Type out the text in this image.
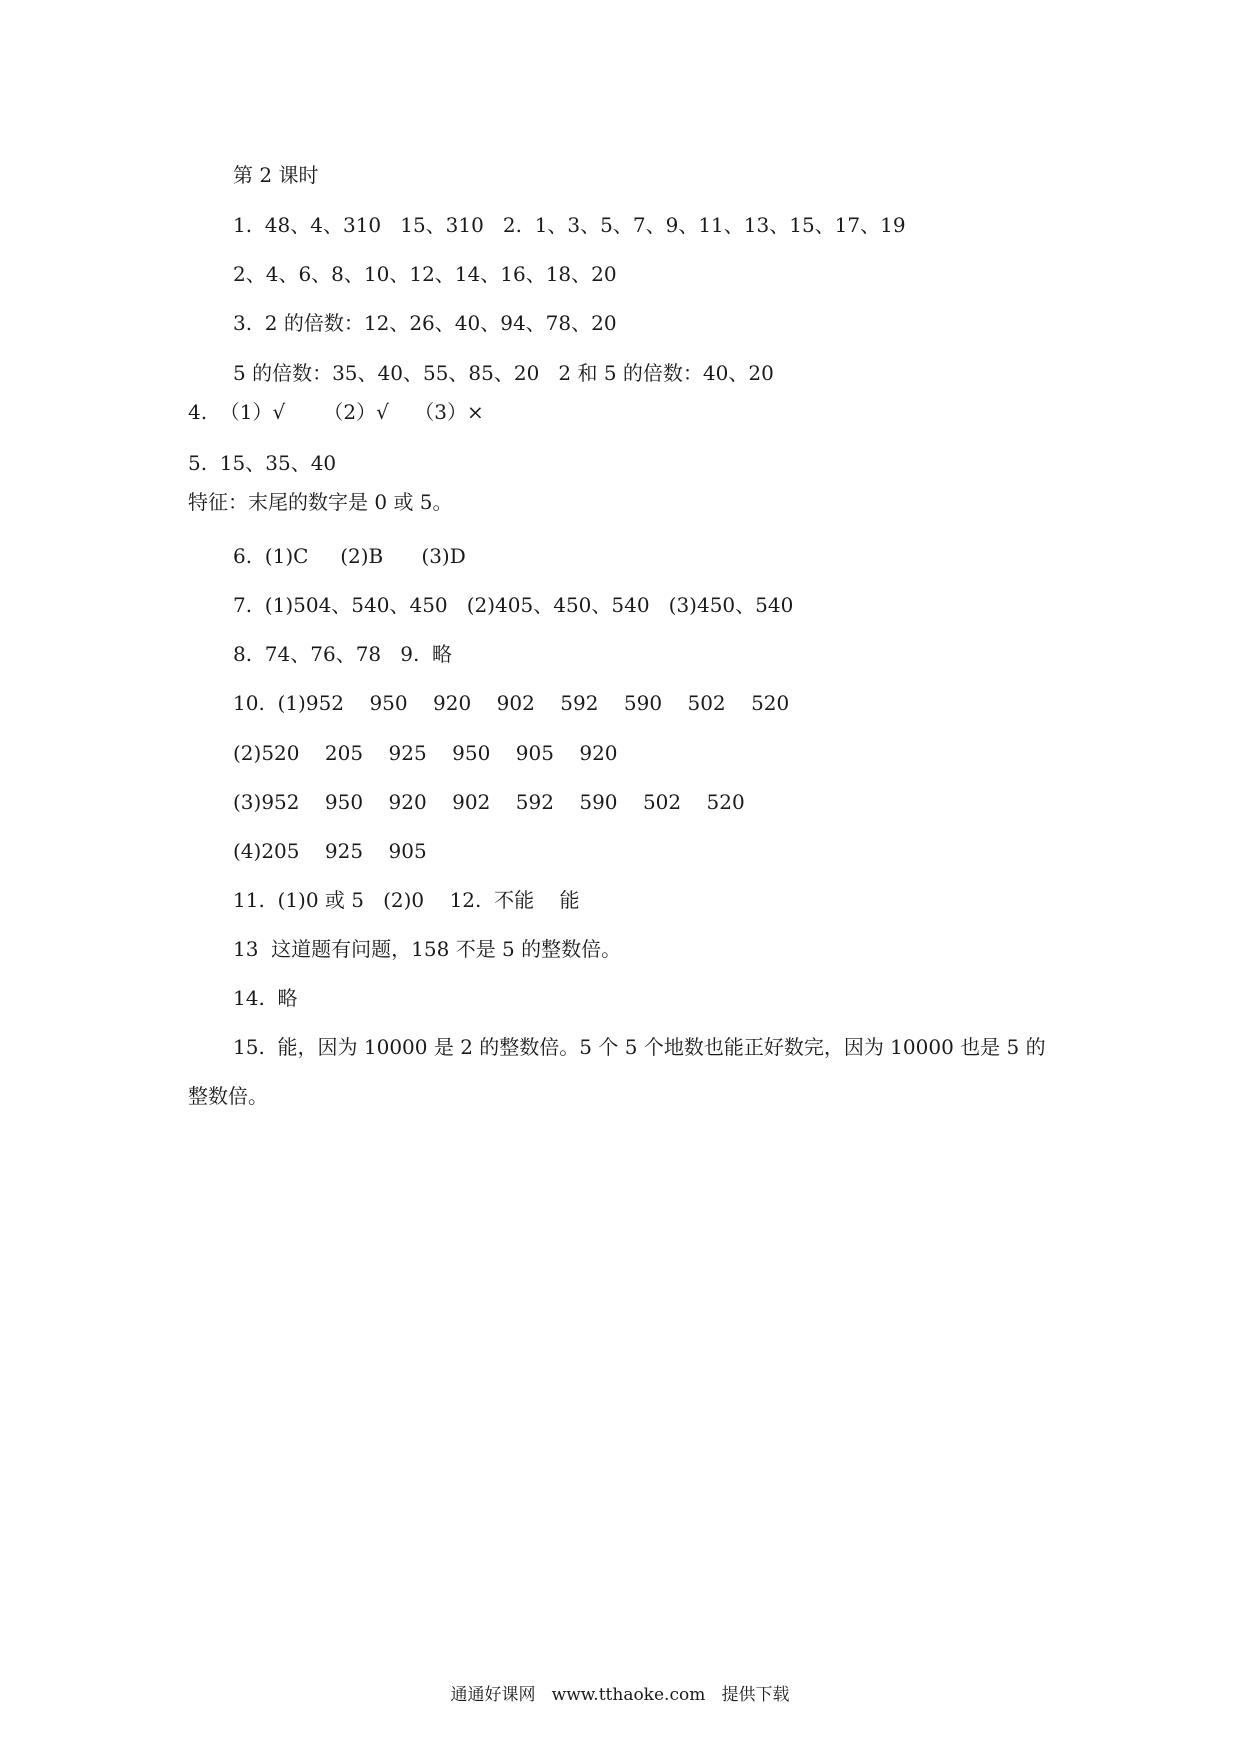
第 2 课时

1.  48、4、310   15、310   2.  1、3、5、7、9、11、13、15、17、19

2、4、6、8、10、12、14、16、18、20

3.  2 的倍数：12、26、40、94、78、20

5 的倍数：35、40、55、85、20   2 和 5 的倍数：40、20

4.  （1）√      （2）√    （3）×

5.  15、35、40

特征：末尾的数字是 0 或 5。

6.  (1)C     (2)B      (3)D

7.  (1)504、540、450   (2)405、450、540   (3)450、540

8.  74、76、78   9.  略

10.  (1)952    950    920    902    592    590    502    520

(2)520    205    925    950    905    920

(3)952    950    920    902    592    590    502    520

(4)205    925    905

11.  (1)0 或 5   (2)0    12.  不能    能

13  这道题有问题，158 不是 5 的整数倍。

14.  略

15.  能，因为 10000 是 2 的整数倍。5 个 5 个地数也能正好数完，因为 10000 也是 5 的

整数倍。

通通好课网   www.tthaoke.com   提供下载
